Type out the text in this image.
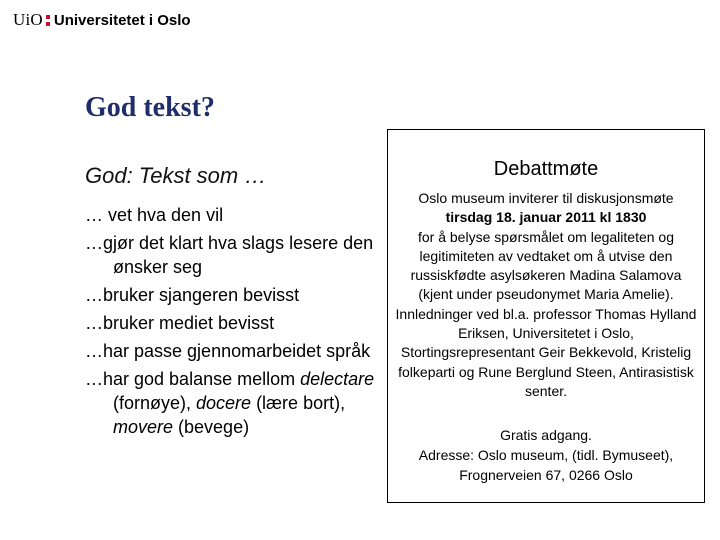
UiO Universitetet i Oslo
God tekst?

God: Tekst som …

… vet hva den vil
…gjør det klart hva slags lesere den ønsker seg
…bruker sjangeren bevisst
…bruker mediet bevisst
…har passe gjennomarbeidet språk
…har god balanse mellom delectare (fornøye), docere (lære bort), movere (bevege)
Debattmøte
Oslo museum inviterer til diskusjonsmøte
tirsdag 18. januar 2011 kl 1830
for å belyse spørsmålet om legaliteten og legitimiteten av vedtaket om å utvise den russiskfødte asylsøkeren Madina Salamova (kjent under pseudonymet Maria Amelie).
Innledninger ved bl.a. professor Thomas Hylland Eriksen, Universitetet i Oslo, Stortingsrepresentant Geir Bekkevold, Kristelig folkeparti og Rune Berglund Steen, Antirasistisk senter.
Gratis adgang.
Adresse: Oslo museum, (tidl. Bymuseet), Frognerveien 67, 0266 Oslo
